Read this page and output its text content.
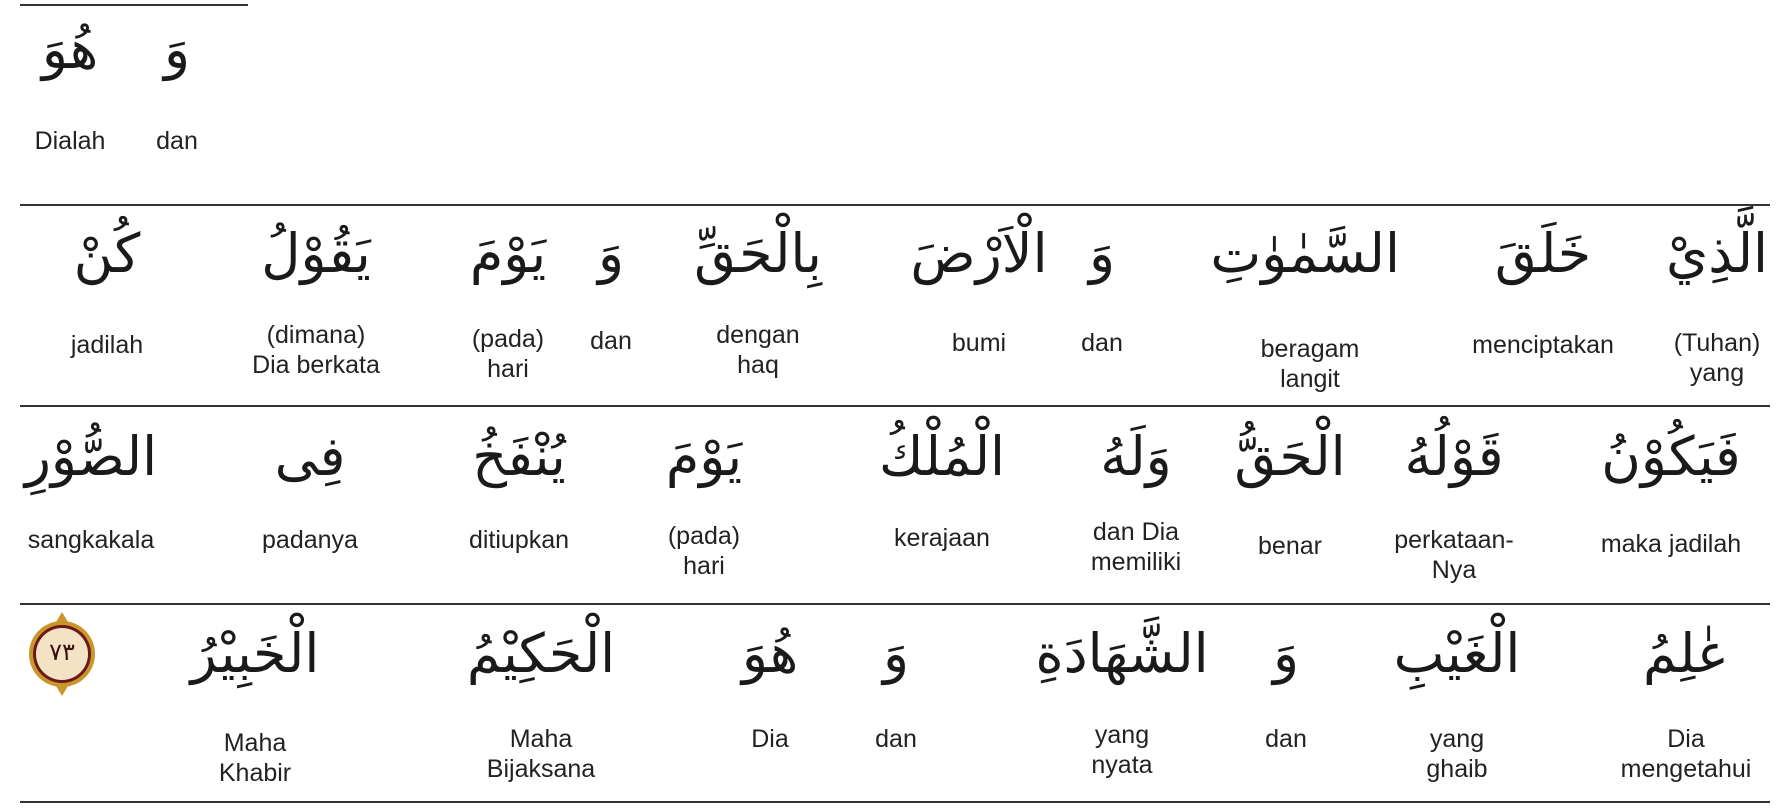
هُوَ
Dialah
وَ
dan
كُنْ
jadilah
يَقُوْلُ
(dimana)
Dia berkata
يَوْمَ
(pada)
hari
وَ
dan
بِالْحَقِّ
dengan
haq
الْاَرْضَ
bumi
وَ
dan
السَّمٰوٰتِ
beragam
langit
خَلَقَ
menciptakan
الَّذِيْ
(Tuhan)
yang
الصُّوْرِ
sangkakala
فِى
padanya
يُنْفَخُ
ditiupkan
يَوْمَ
(pada)
hari
الْمُلْكُ
kerajaan
وَلَهُ
dan Dia
memiliki
الْحَقُّ
benar
قَوْلُهُ
perkataan-
Nya
فَيَكُوْنُ
maka jadilah
٧٣	الْخَبِيْرُ
Maha
Khabir
الْحَكِيْمُ
Maha
Bijaksana
هُوَ
Dia
وَ
dan
الشَّهَادَةِ
yang
nyata
وَ
dan
الْغَيْبِ
yang
ghaib
عٰلِمُ
Dia
mengetahui
